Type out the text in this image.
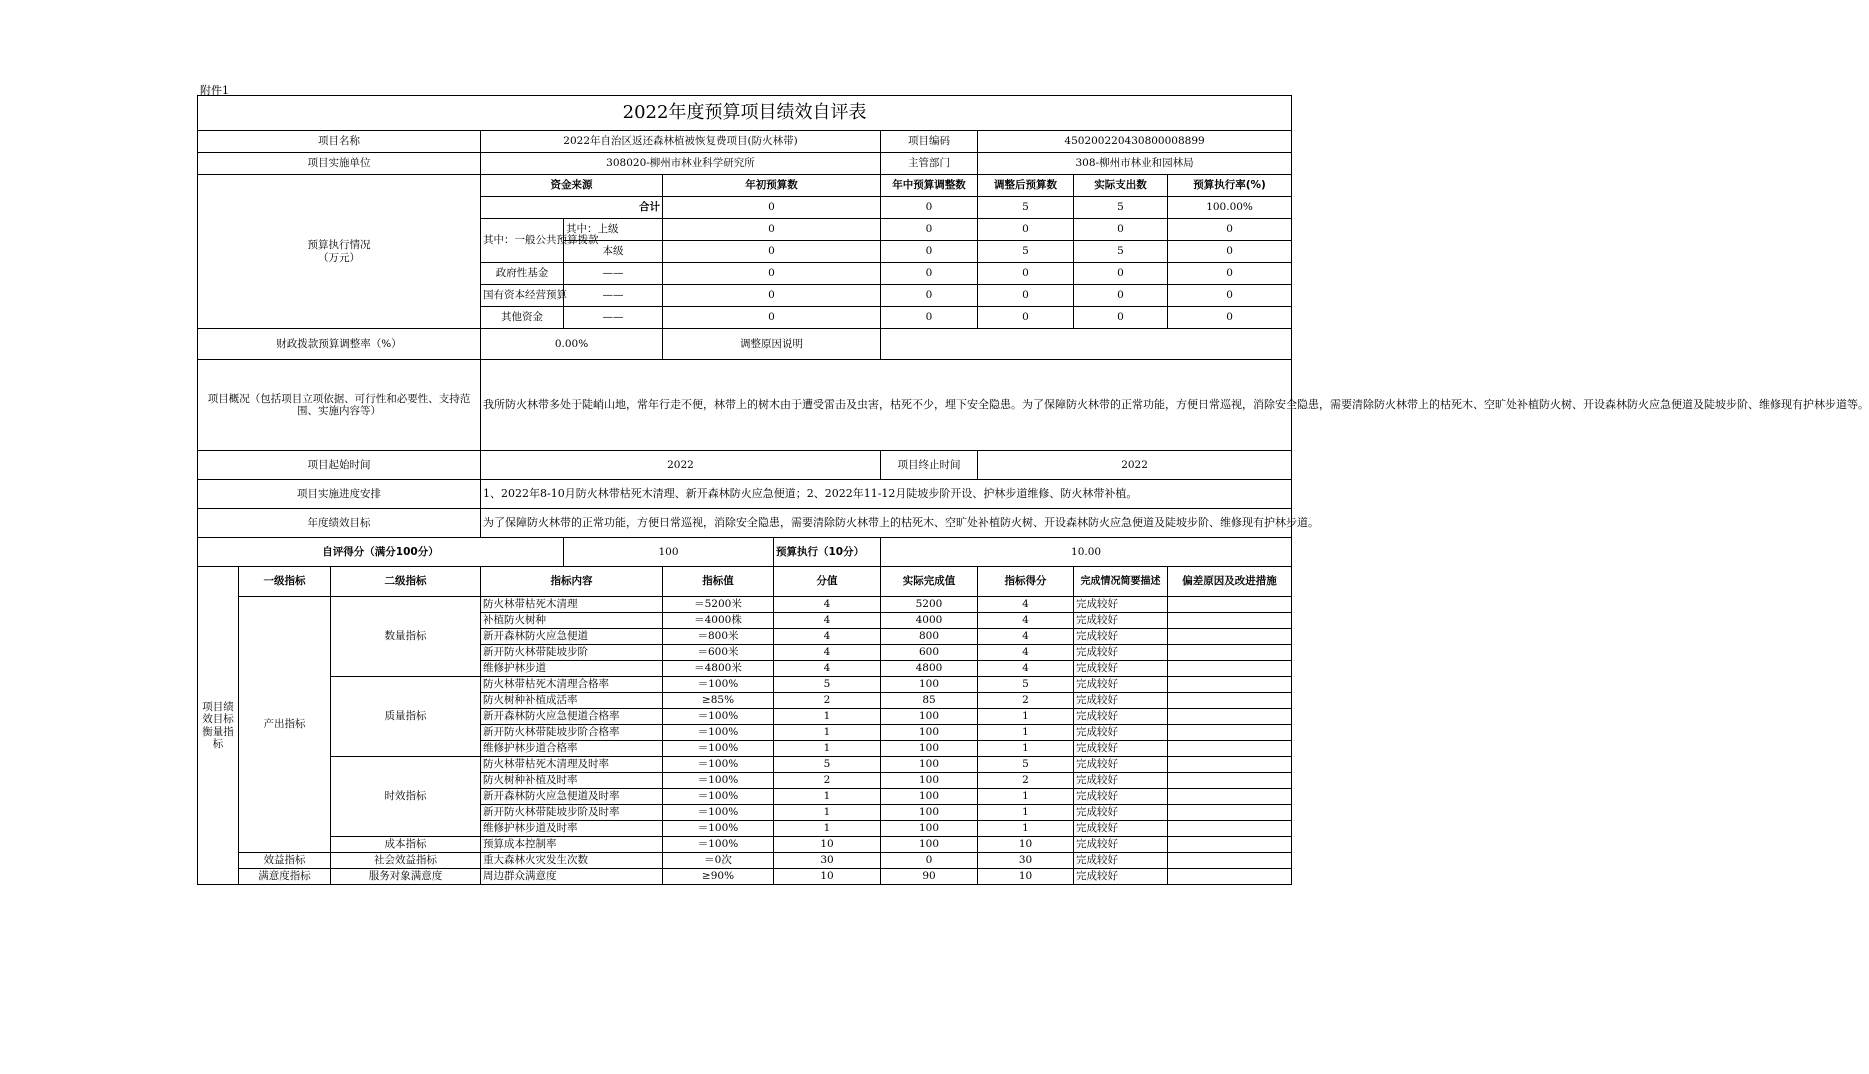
附件1
2022年度预算项目绩效自评表										
项目名称			2022年自治区返还森林植被恢复费项目(防火林带)				项目编码	450200220430800008899		
项目实施单位			308020-柳州市林业科学研究所				主管部门	308-柳州市林业和园林局		
预算执行情况
（万元）			资金来源		年初预算数		年中预算调整数	调整后预算数	实际支出数	预算执行率(%)
			合计		0		0	5	5	100.00%
			其中：一般公共预算拨款	其中：上级	0		0	0	0	0
				本级	0		0	5	5	0
			政府性基金	——	0		0	0	0	0
			国有资本经营预算	——	0		0	0	0	0
			其他资金	——	0		0	0	0	0
财政拨款预算调整率（%）			0.00%		调整原因说明					
项目概况（包括项目立项依据、可行性和必要性、支持范围、实施内容等）			我所防火林带多处于陡峭山地，常年行走不便，林带上的树木由于遭受雷击及虫害，枯死不少，埋下安全隐患。为了保障防火林带的正常功能，方便日常巡视，消除安全隐患，需要清除防火林带上的枯死木、空旷处补植防火树、开设森林防火应急便道及陡坡步阶、维修现有护林步道等。							
项目起始时间			2022				项目终止时间	2022		
项目实施进度安排			1、2022年8-10月防火林带枯死木清理、新开森林防火应急便道；2、2022年11-12月陡坡步阶开设、护林步道维修、防火林带补植。							
年度绩效目标			为了保障防火林带的正常功能，方便日常巡视，消除安全隐患，需要清除防火林带上的枯死木、空旷处补植防火树、开设森林防火应急便道及陡坡步阶、维修现有护林步道。							
自评得分（满分100分）				100		预算执行（10分）	10.00			
项目绩效目标衡量指标	一级指标	二级指标	指标内容		指标值	分值	实际完成值	指标得分	完成情况简要描述	偏差原因及改进措施
	产出指标	数量指标	防火林带枯死木清理		＝5200米	4	5200	4	完成较好	
			补植防火树种		＝4000株	4	4000	4	完成较好	
			新开森林防火应急便道		＝800米	4	800	4	完成较好	
			新开防火林带陡坡步阶		＝600米	4	600	4	完成较好	
			维修护林步道		＝4800米	4	4800	4	完成较好	
		质量指标	防火林带枯死木清理合格率		＝100%	5	100	5	完成较好	
			防火树种补植成活率		≥85%	2	85	2	完成较好	
			新开森林防火应急便道合格率		＝100%	1	100	1	完成较好	
			新开防火林带陡坡步阶合格率		＝100%	1	100	1	完成较好	
			维修护林步道合格率		＝100%	1	100	1	完成较好	
		时效指标	防火林带枯死木清理及时率		＝100%	5	100	5	完成较好	
			防火树种补植及时率		＝100%	2	100	2	完成较好	
			新开森林防火应急便道及时率		＝100%	1	100	1	完成较好	
			新开防火林带陡坡步阶及时率		＝100%	1	100	1	完成较好	
			维修护林步道及时率		＝100%	1	100	1	完成较好	
		成本指标	预算成本控制率		＝100%	10	100	10	完成较好	
	效益指标	社会效益指标	重大森林火灾发生次数		＝0次	30	0	30	完成较好	
	满意度指标	服务对象满意度	周边群众满意度		≥90%	10	90	10	完成较好	
